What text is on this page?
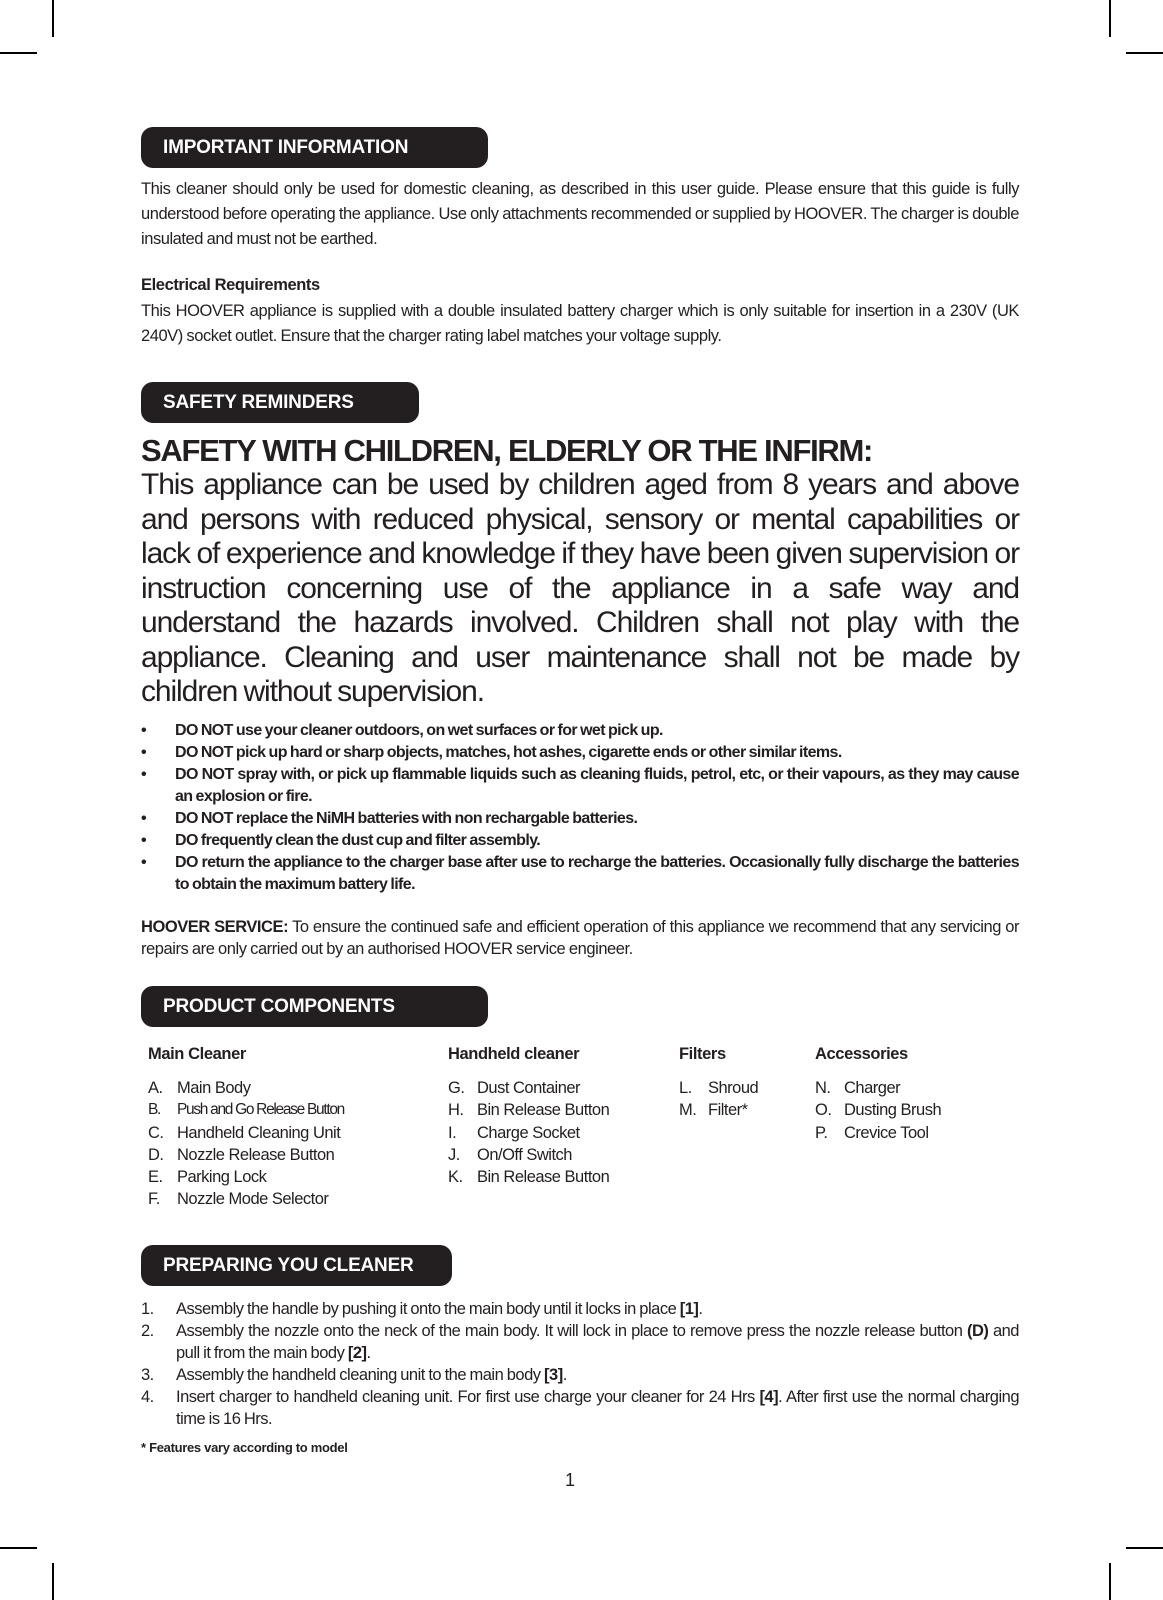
IMPORTANT INFORMATION
This cleaner should only be used for domestic cleaning, as described in this user guide. Please ensure that this guide is fully understood before operating the appliance. Use only attachments recommended or supplied by HOOVER. The charger is double insulated and must not be earthed.
Electrical Requirements
This HOOVER appliance is supplied with a double insulated battery charger which is only suitable for insertion in a 230V (UK 240V) socket outlet. Ensure that the charger rating label matches your voltage supply.
SAFETY REMINDERS
SAFETY WITH CHILDREN, ELDERLY OR THE INFIRM:
This appliance can be used by children aged from 8 years and above and persons with reduced physical, sensory or mental capabilities or lack of experience and knowledge if they have been given supervision or instruction concerning use of the appliance in a safe way and understand the hazards involved. Children shall not play with the appliance. Cleaning and user maintenance shall not be made by children without supervision.
• DO NOT use your cleaner outdoors, on wet surfaces or for wet pick up.
• DO NOT pick up hard or sharp objects, matches, hot ashes, cigarette ends or other similar items.
• DO NOT spray with, or pick up flammable liquids such as cleaning fluids, petrol, etc, or their vapours, as they may cause an explosion or fire.
• DO NOT replace the NiMH batteries with non rechargable batteries.
• DO frequently clean the dust cup and filter assembly.
• DO return the appliance to the charger base after use to recharge the batteries. Occasionally fully discharge the batteries to obtain the maximum battery life.
HOOVER SERVICE: To ensure the continued safe and efficient operation of this appliance we recommend that any servicing or repairs are only carried out by an authorised HOOVER service engineer.
PRODUCT COMPONENTS
Main Cleaner
A. Main Body
B. Push and Go Release Button
C. Handheld Cleaning Unit
D. Nozzle Release Button
E. Parking Lock
F. Nozzle Mode Selector
Handheld cleaner
G. Dust Container
H. Bin Release Button
I. Charge Socket
J. On/Off Switch
K. Bin Release Button
Filters
L. Shroud
M. Filter*
Accessories
N. Charger
O. Dusting Brush
P. Crevice Tool
PREPARING YOU CLEANER
1. Assembly the handle by pushing it onto the main body until it locks in place [1].
2. Assembly the nozzle onto the neck of the main body. It will lock in place to remove press the nozzle release button (D) and pull it from the main body [2].
3. Assembly the handheld cleaning unit to the main body [3].
4. Insert charger to handheld cleaning unit. For first use charge your cleaner for 24 Hrs [4]. After first use the normal charging time is 16 Hrs.
* Features vary according to model
1
